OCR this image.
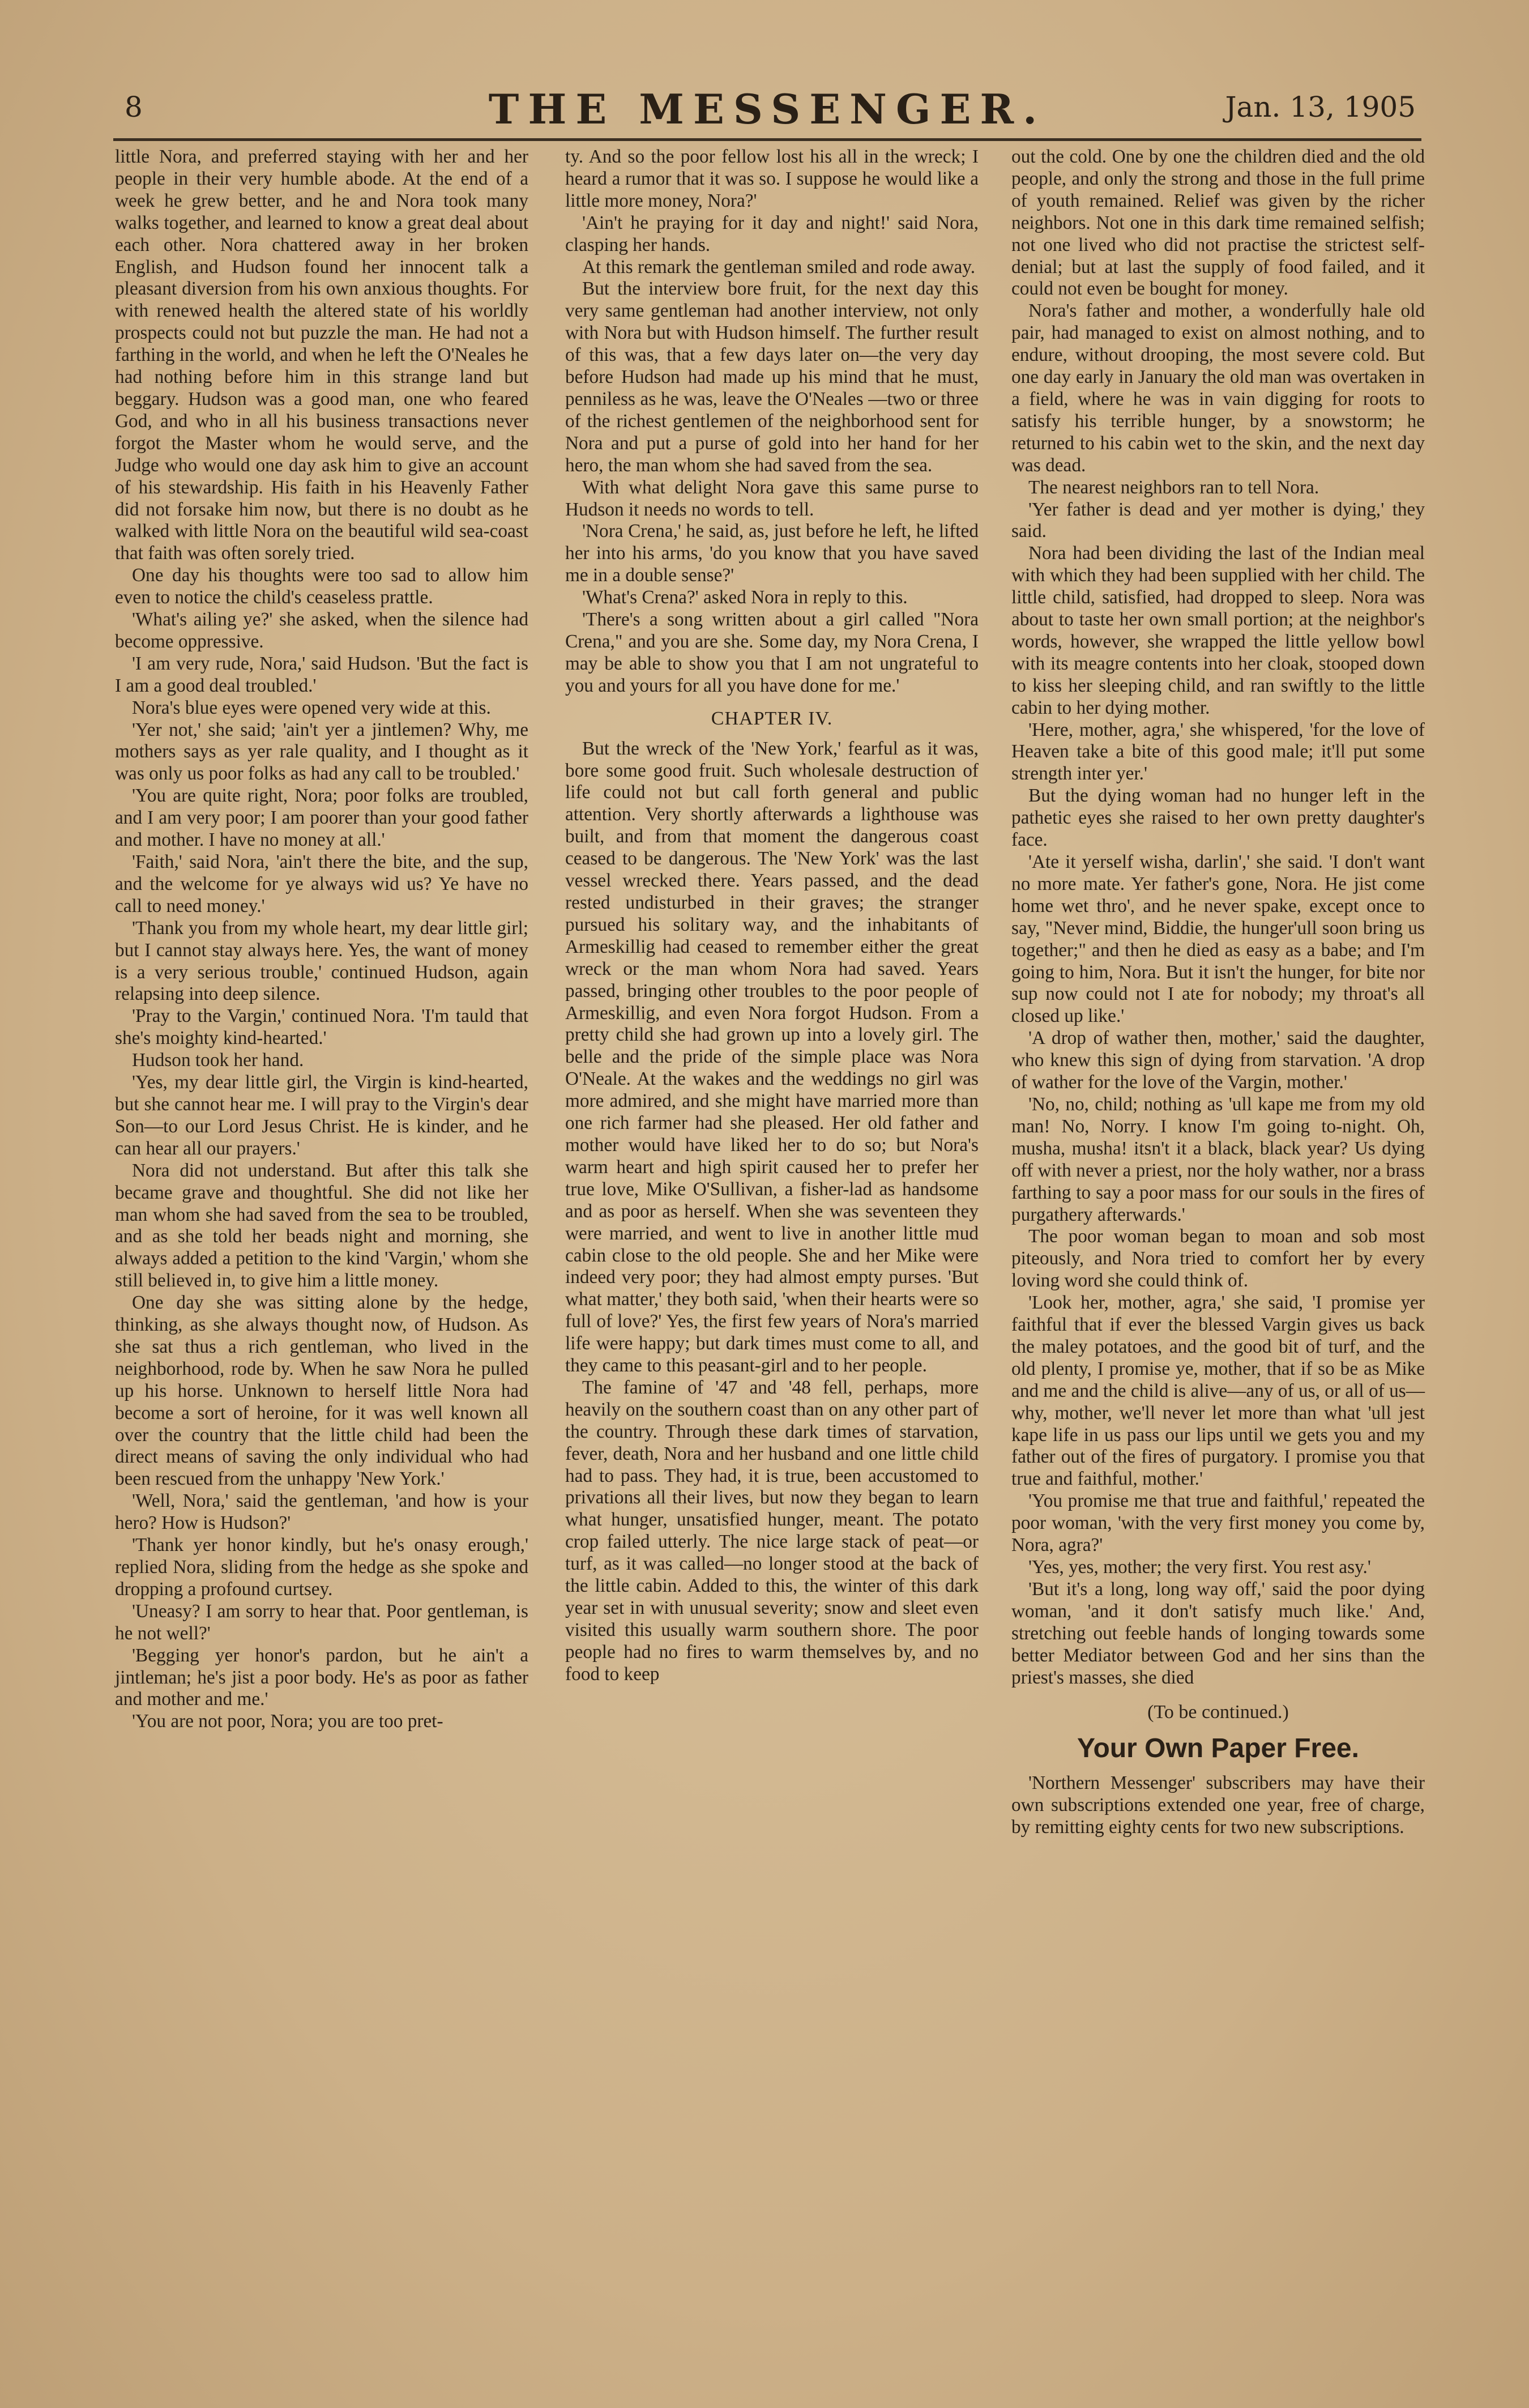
8	THE MESSENGER.	Jan. 13, 1905

little Nora, and preferred staying with her and her people in their very humble abode. At the end of a week he grew better, and he and Nora took many walks together, and learned to know a great deal about each other. Nora chattered away in her broken English, and Hudson found her innocent talk a pleasant diversion from his own anxious thoughts. For with renewed health the altered state of his worldly prospects could not but puzzle the man. He had not a farthing in the world, and when he left the O'Neales he had nothing before him in this strange land but beggary. Hudson was a good man, one who feared God, and who in all his business transactions never forgot the Master whom he would serve, and the Judge who would one day ask him to give an account of his stewardship. His faith in his Heavenly Father did not forsake him now, but there is no doubt as he walked with little Nora on the beautiful wild sea-coast that faith was often sorely tried.

One day his thoughts were too sad to allow him even to notice the child's ceaseless prattle.

'What's ailing ye?' she asked, when the silence had become oppressive.

'I am very rude, Nora,' said Hudson. 'But the fact is I am a good deal troubled.'

Nora's blue eyes were opened very wide at this.

'Yer not,' she said; 'ain't yer a jintlemen? Why, me mothers says as yer rale quality, and I thought as it was only us poor folks as had any call to be troubled.'

'You are quite right, Nora; poor folks are troubled, and I am very poor; I am poorer than your good father and mother. I have no money at all.'

'Faith,' said Nora, 'ain't there the bite, and the sup, and the welcome for ye always wid us? Ye have no call to need money.'

'Thank you from my whole heart, my dear little girl; but I cannot stay always here. Yes, the want of money is a very serious trouble,' continued Hudson, again relapsing into deep silence.

'Pray to the Vargin,' continued Nora. 'I'm tauld that she's moighty kind-hearted.'

Hudson took her hand.

'Yes, my dear little girl, the Virgin is kind-hearted, but she cannot hear me. I will pray to the Virgin's dear Son—to our Lord Jesus Christ. He is kinder, and he can hear all our prayers.'

Nora did not understand. But after this talk she became grave and thoughtful. She did not like her man whom she had saved from the sea to be troubled, and as she told her beads night and morning, she always added a petition to the kind 'Vargin,' whom she still believed in, to give him a little money.

One day she was sitting alone by the hedge, thinking, as she always thought now, of Hudson. As she sat thus a rich gentleman, who lived in the neighborhood, rode by. When he saw Nora he pulled up his horse. Unknown to herself little Nora had become a sort of heroine, for it was well known all over the country that the little child had been the direct means of saving the only individual who had been rescued from the unhappy 'New York.'

'Well, Nora,' said the gentleman, 'and how is your hero? How is Hudson?'

'Thank yer honor kindly, but he's onasy erough,' replied Nora, sliding from the hedge as she spoke and dropping a profound curtsey.

'Uneasy? I am sorry to hear that. Poor gentleman, is he not well?'

'Begging yer honor's pardon, but he ain't a jintleman; he's jist a poor body. He's as poor as father and mother and me.'

'You are not poor, Nora; you are too pret-

ty. And so the poor fellow lost his all in the wreck; I heard a rumor that it was so. I suppose he would like a little more money, Nora?'

'Ain't he praying for it day and night!' said Nora, clasping her hands.

At this remark the gentleman smiled and rode away.

But the interview bore fruit, for the next day this very same gentleman had another interview, not only with Nora but with Hudson himself. The further result of this was, that a few days later on—the very day before Hudson had made up his mind that he must, penniless as he was, leave the O'Neales —two or three of the richest gentlemen of the neighborhood sent for Nora and put a purse of gold into her hand for her hero, the man whom she had saved from the sea.

With what delight Nora gave this same purse to Hudson it needs no words to tell.

'Nora Crena,' he said, as, just before he left, he lifted her into his arms, 'do you know that you have saved me in a double sense?'

'What's Crena?' asked Nora in reply to this.

'There's a song written about a girl called "Nora Crena," and you are she. Some day, my Nora Crena, I may be able to show you that I am not ungrateful to you and yours for all you have done for me.'

CHAPTER IV.

But the wreck of the 'New York,' fearful as it was, bore some good fruit. Such wholesale destruction of life could not but call forth general and public attention. Very shortly afterwards a lighthouse was built, and from that moment the dangerous coast ceased to be dangerous. The 'New York' was the last vessel wrecked there. Years passed, and the dead rested undisturbed in their graves; the stranger pursued his solitary way, and the inhabitants of Armeskillig had ceased to remember either the great wreck or the man whom Nora had saved. Years passed, bringing other troubles to the poor people of Armeskillig, and even Nora forgot Hudson. From a pretty child she had grown up into a lovely girl. The belle and the pride of the simple place was Nora O'Neale. At the wakes and the weddings no girl was more admired, and she might have married more than one rich farmer had she pleased. Her old father and mother would have liked her to do so; but Nora's warm heart and high spirit caused her to prefer her true love, Mike O'Sullivan, a fisher-lad as handsome and as poor as herself. When she was seventeen they were married, and went to live in another little mud cabin close to the old people. She and her Mike were indeed very poor; they had almost empty purses. 'But what matter,' they both said, 'when their hearts were so full of love?' Yes, the first few years of Nora's married life were happy; but dark times must come to all, and they came to this peasant-girl and to her people.

The famine of '47 and '48 fell, perhaps, more heavily on the southern coast than on any other part of the country. Through these dark times of starvation, fever, death, Nora and her husband and one little child had to pass. They had, it is true, been accustomed to privations all their lives, but now they began to learn what hunger, unsatisfied hunger, meant. The potato crop failed utterly. The nice large stack of peat—or turf, as it was called—no longer stood at the back of the little cabin. Added to this, the winter of this dark year set in with unusual severity; snow and sleet even visited this usually warm southern shore. The poor people had no fires to warm themselves by, and no food to keep

out the cold. One by one the children died and the old people, and only the strong and those in the full prime of youth remained. Relief was given by the richer neighbors. Not one in this dark time remained selfish; not one lived who did not practise the strictest self-denial; but at last the supply of food failed, and it could not even be bought for money.

Nora's father and mother, a wonderfully hale old pair, had managed to exist on almost nothing, and to endure, without drooping, the most severe cold. But one day early in January the old man was overtaken in a field, where he was in vain digging for roots to satisfy his terrible hunger, by a snowstorm; he returned to his cabin wet to the skin, and the next day was dead.

The nearest neighbors ran to tell Nora.

'Yer father is dead and yer mother is dying,' they said.

Nora had been dividing the last of the Indian meal with which they had been supplied with her child. The little child, satisfied, had dropped to sleep. Nora was about to taste her own small portion; at the neighbor's words, however, she wrapped the little yellow bowl with its meagre contents into her cloak, stooped down to kiss her sleeping child, and ran swiftly to the little cabin to her dying mother.

'Here, mother, agra,' she whispered, 'for the love of Heaven take a bite of this good male; it'll put some strength inter yer.'

But the dying woman had no hunger left in the pathetic eyes she raised to her own pretty daughter's face.

'Ate it yerself wisha, darlin',' she said. 'I don't want no more mate. Yer father's gone, Nora. He jist come home wet thro', and he never spake, except once to say, "Never mind, Biddie, the hunger'ull soon bring us together;" and then he died as easy as a babe; and I'm going to him, Nora. But it isn't the hunger, for bite nor sup now could not I ate for nobody; my throat's all closed up like.'

'A drop of wather then, mother,' said the daughter, who knew this sign of dying from starvation. 'A drop of wather for the love of the Vargin, mother.'

'No, no, child; nothing as 'ull kape me from my old man! No, Norry. I know I'm going to-night. Oh, musha, musha! itsn't it a black, black year? Us dying off with never a priest, nor the holy wather, nor a brass farthing to say a poor mass for our souls in the fires of purgathery afterwards.'

The poor woman began to moan and sob most piteously, and Nora tried to comfort her by every loving word she could think of.

'Look her, mother, agra,' she said, 'I promise yer faithful that if ever the blessed Vargin gives us back the maley potatoes, and the good bit of turf, and the old plenty, I promise ye, mother, that if so be as Mike and me and the child is alive—any of us, or all of us—why, mother, we'll never let more than what 'ull jest kape life in us pass our lips until we gets you and my father out of the fires of purgatory. I promise you that true and faithful, mother.'

'You promise me that true and faithful,' repeated the poor woman, 'with the very first money you come by, Nora, agra?'

'Yes, yes, mother; the very first. You rest asy.'

'But it's a long, long way off,' said the poor dying woman, 'and it don't satisfy much like.' And, stretching out feeble hands of longing towards some better Mediator between God and her sins than the priest's masses, she died

(To be continued.)
Your Own Paper Free.

'Northern Messenger' subscribers may have their own subscriptions extended one year, free of charge, by remitting eighty cents for two new subscriptions.
